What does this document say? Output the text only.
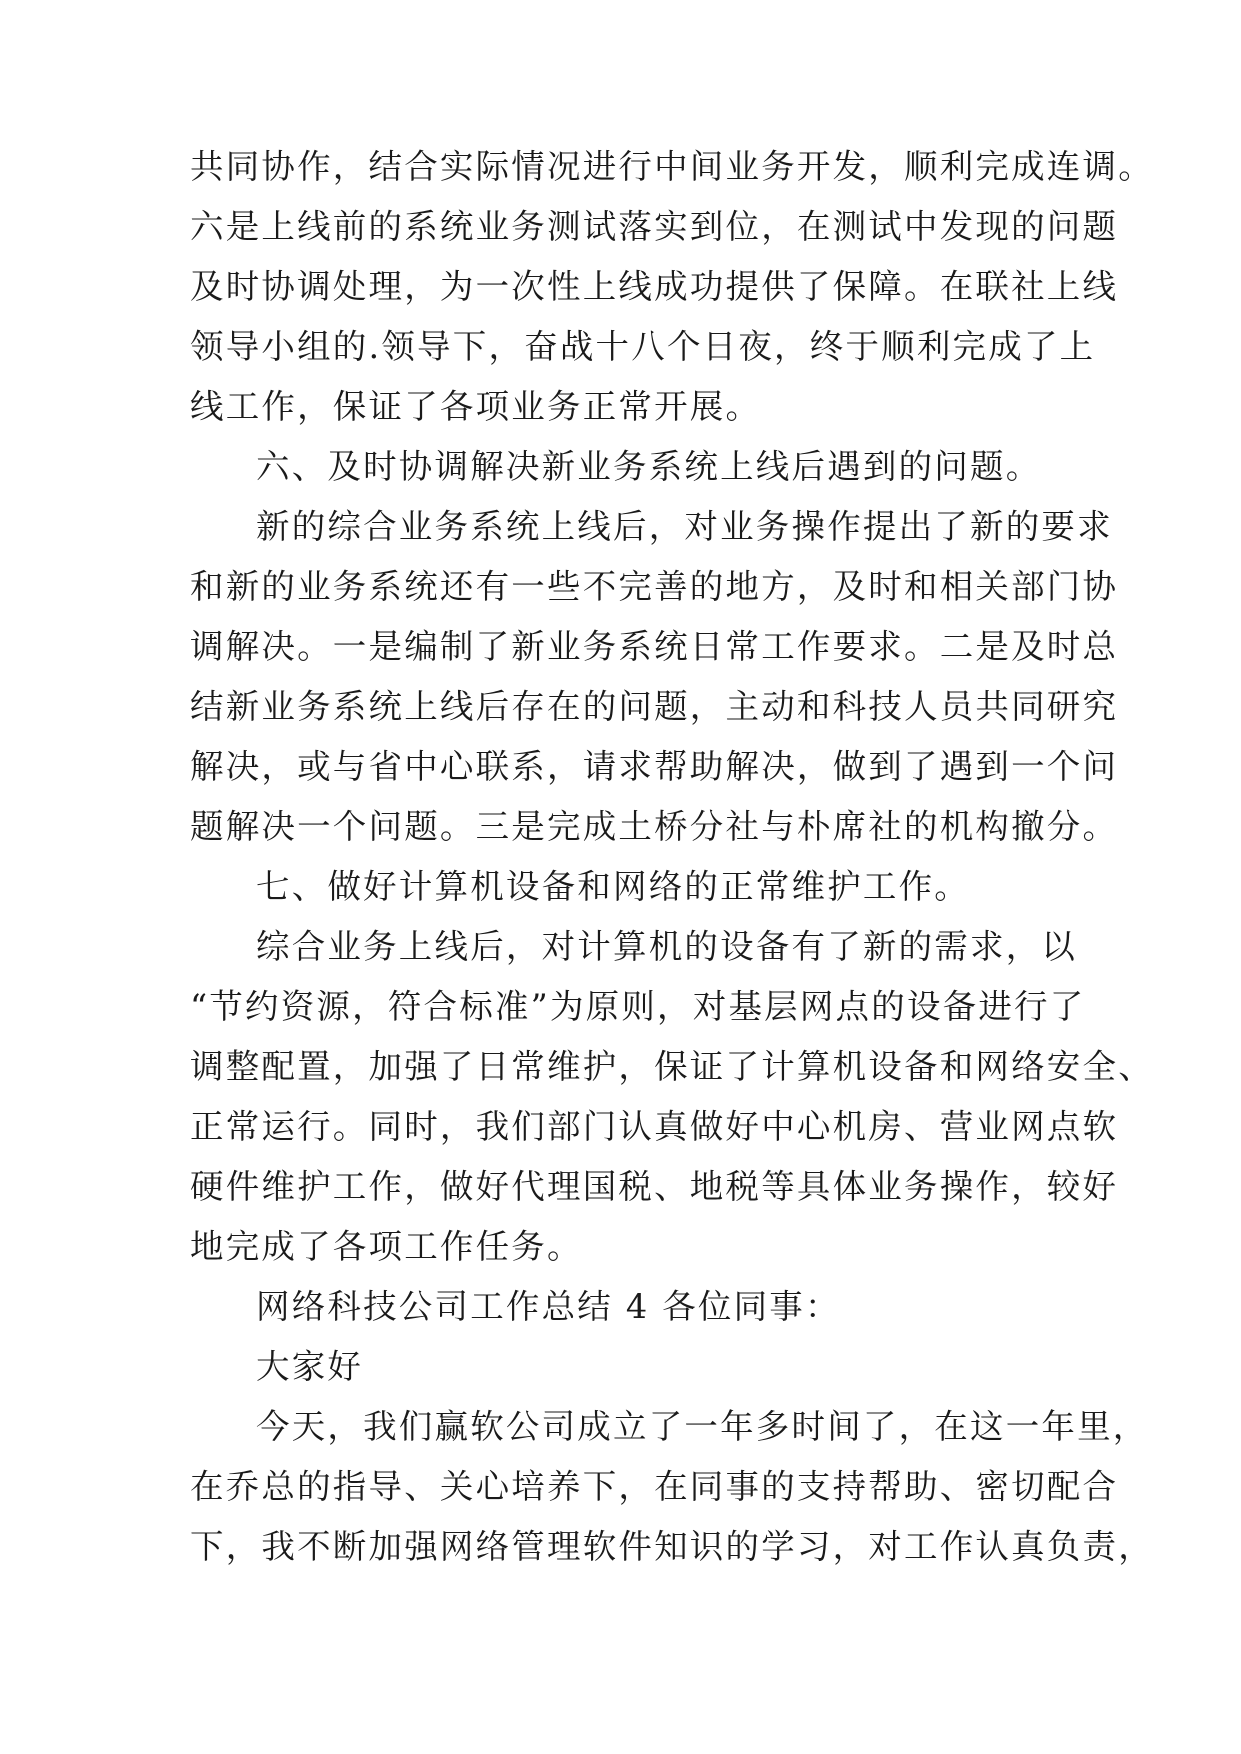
共同协作，结合实际情况进行中间业务开发，顺利完成连调。
六是上线前的系统业务测试落实到位，在测试中发现的问题
及时协调处理，为一次性上线成功提供了保障。在联社上线
领导小组的.领导下，奋战十八个日夜，终于顺利完成了上
线工作，保证了各项业务正常开展。
六、及时协调解决新业务系统上线后遇到的问题。
新的综合业务系统上线后，对业务操作提出了新的要求
和新的业务系统还有一些不完善的地方，及时和相关部门协
调解决。一是编制了新业务系统日常工作要求。二是及时总
结新业务系统上线后存在的问题，主动和科技人员共同研究
解决，或与省中心联系，请求帮助解决，做到了遇到一个问
题解决一个问题。三是完成土桥分社与朴席社的机构撤分。
七、做好计算机设备和网络的正常维护工作。
综合业务上线后，对计算机的设备有了新的需求，以
“节约资源，符合标准”为原则，对基层网点的设备进行了
调整配置，加强了日常维护，保证了计算机设备和网络安全、
正常运行。同时，我们部门认真做好中心机房、营业网点软
硬件维护工作，做好代理国税、地税等具体业务操作，较好
地完成了各项工作任务。
网络科技公司工作总结 4 各位同事：
大家好
今天，我们赢软公司成立了一年多时间了，在这一年里，
在乔总的指导、关心培养下，在同事的支持帮助、密切配合
下，我不断加强网络管理软件知识的学习，对工作认真负责，
